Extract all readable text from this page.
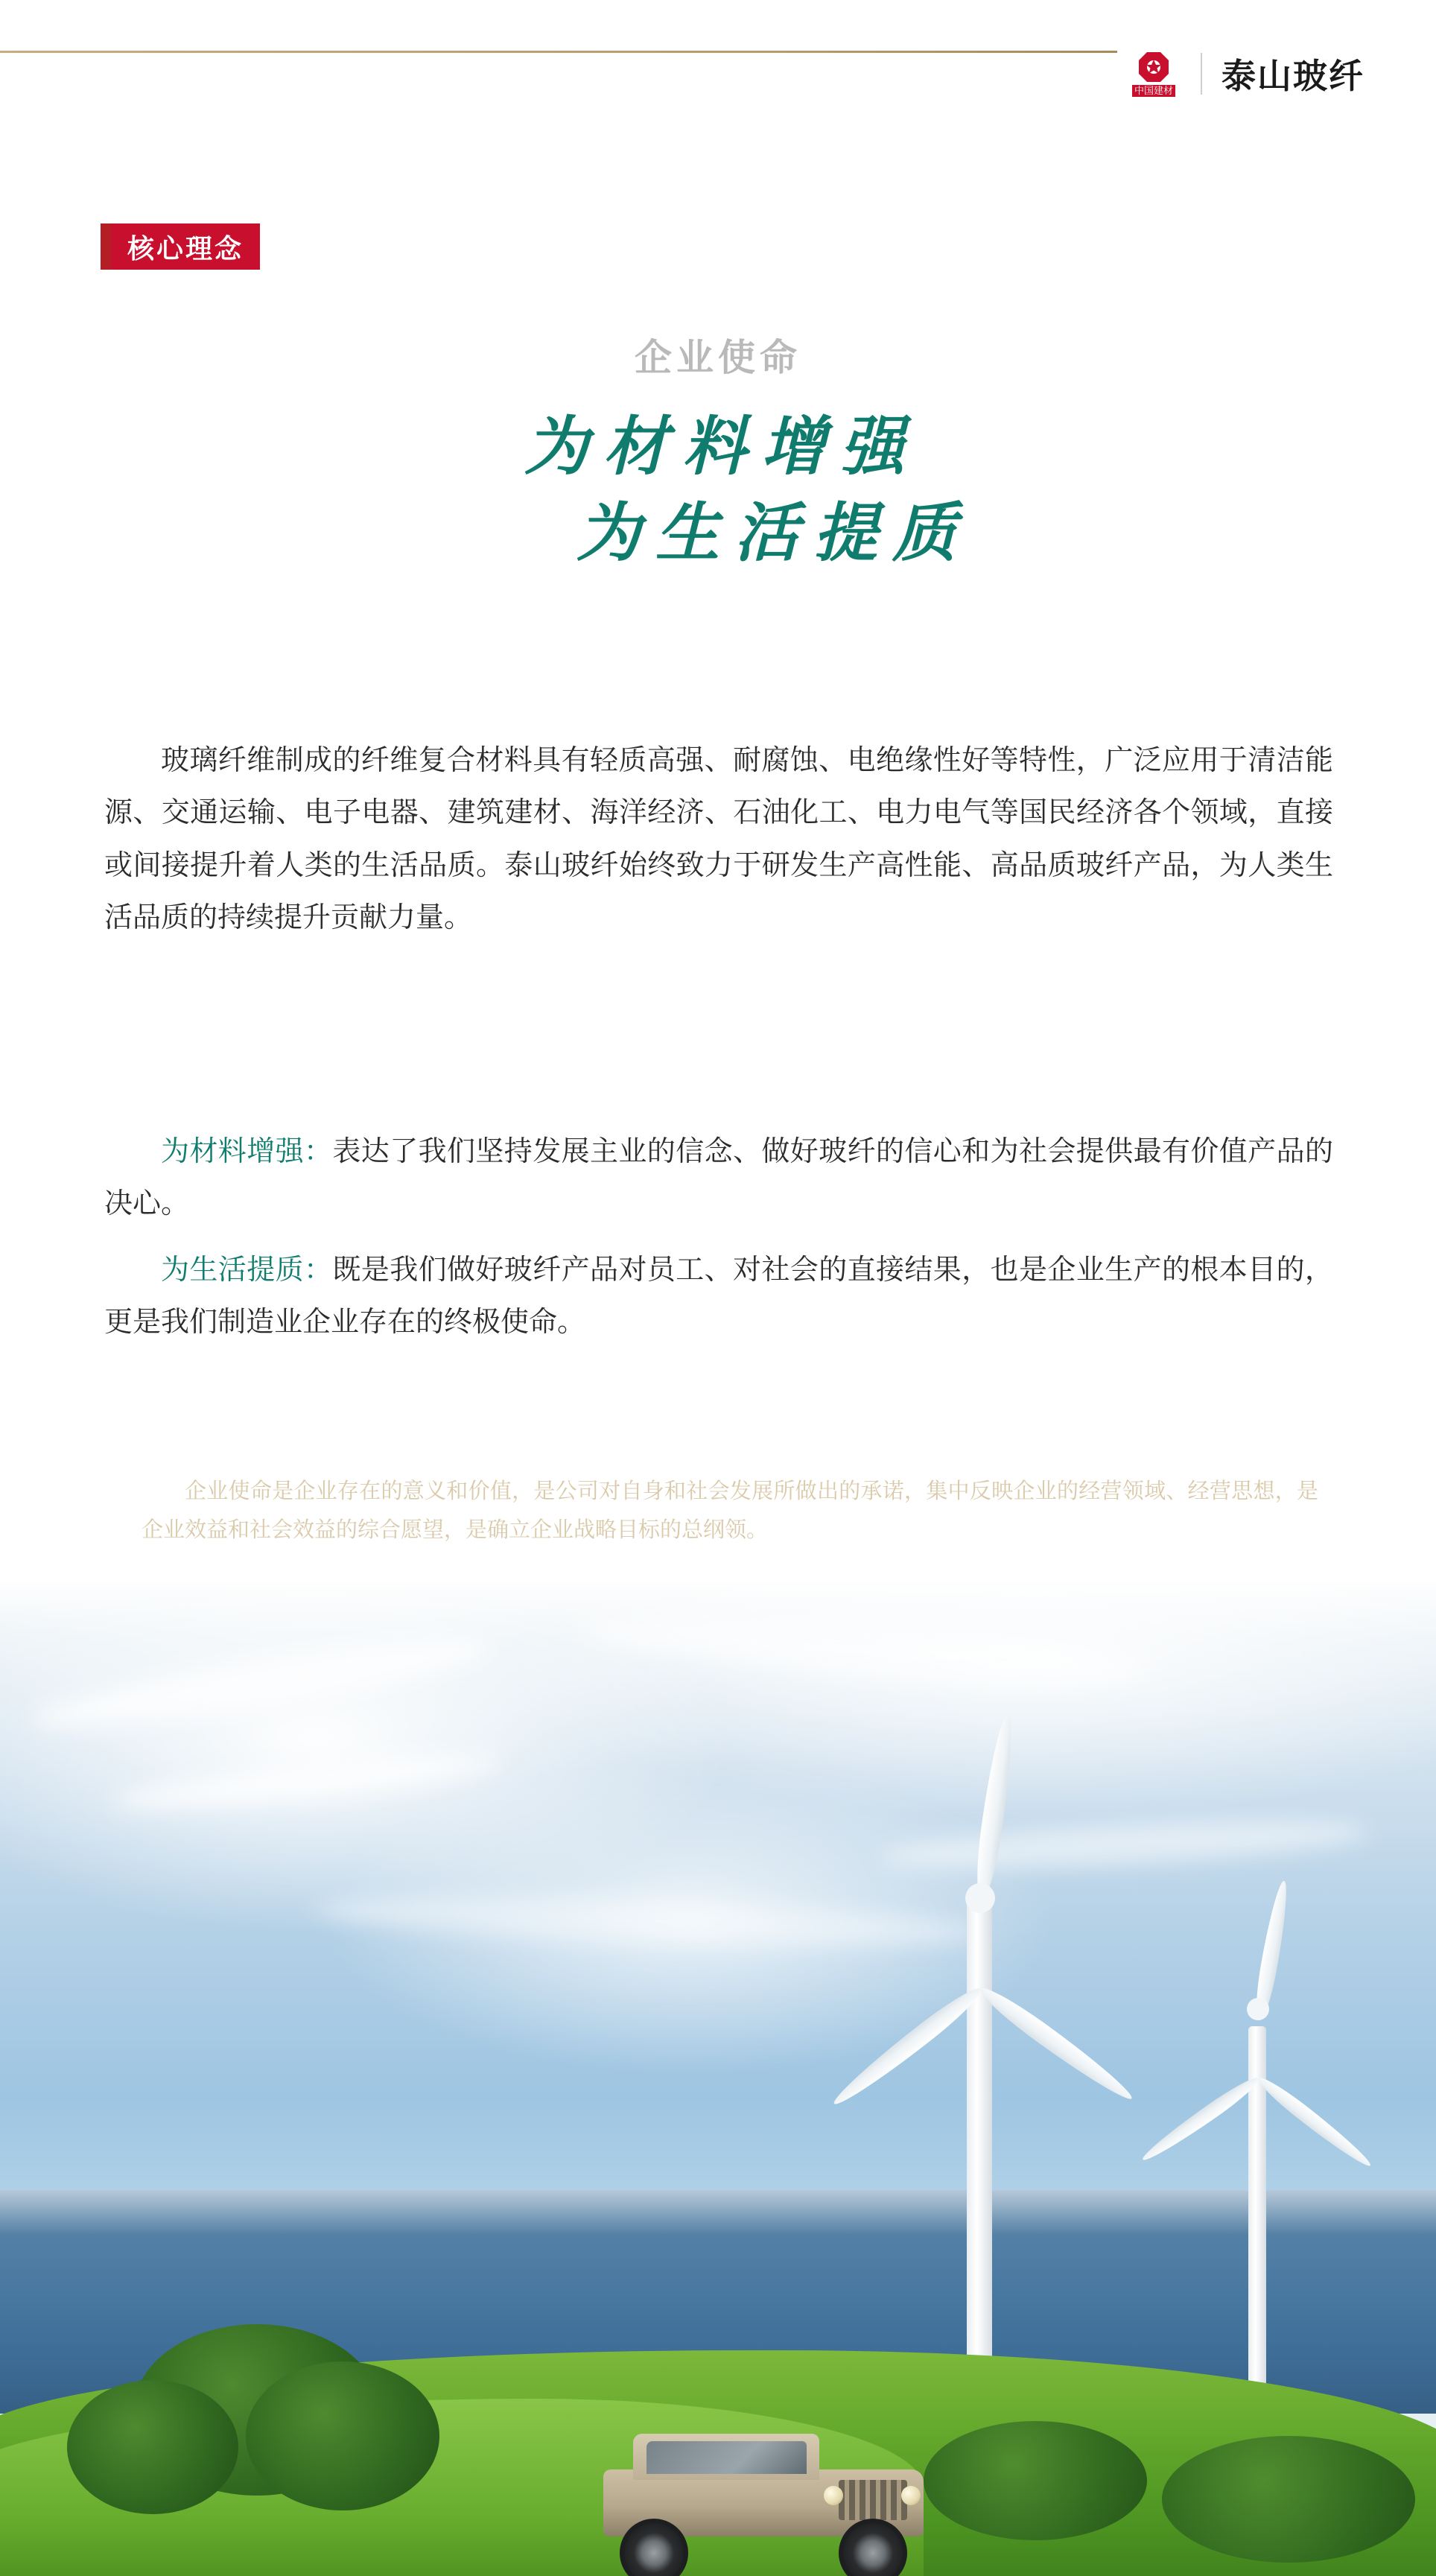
中国建材 泰山玻纤
核心理念
企业使命
为材料增强
为生活提质

玻璃纤维制成的纤维复合材料具有轻质高强、耐腐蚀、电绝缘性好等特性，广泛应用于清洁能源、交通运输、电子电器、建筑建材、海洋经济、石油化工、电力电气等国民经济各个领域，直接或间接提升着人类的生活品质。泰山玻纤始终致力于研发生产高性能、高品质玻纤产品，为人类生活品质的持续提升贡献力量。

为材料增强：表达了我们坚持发展主业的信念、做好玻纤的信心和为社会提供最有价值产品的决心。

为生活提质：既是我们做好玻纤产品对员工、对社会的直接结果，也是企业生产的根本目的，更是我们制造业企业存在的终极使命。

企业使命是企业存在的意义和价值，是公司对自身和社会发展所做出的承诺，集中反映企业的经营领域、经营思想，是企业效益和社会效益的综合愿望，是确立企业战略目标的总纲领。
